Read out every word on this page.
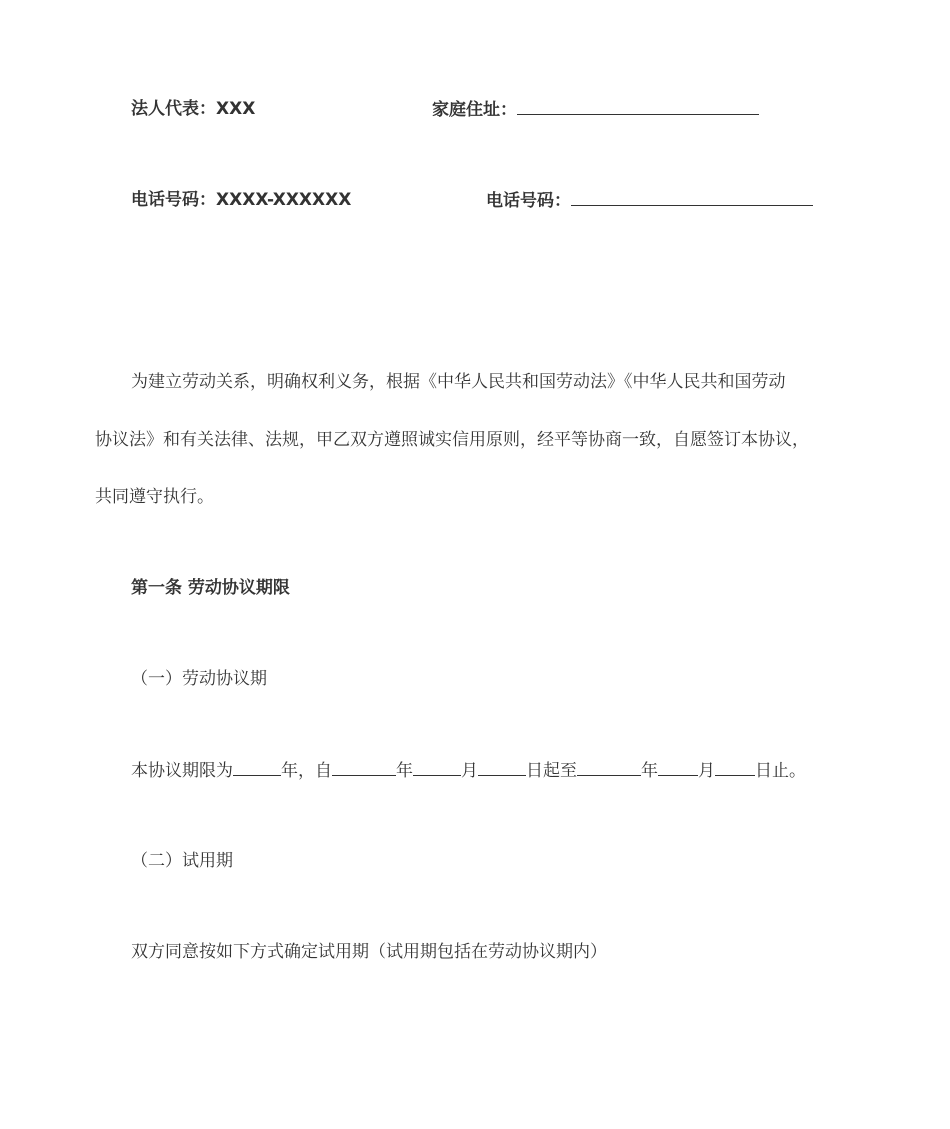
法人代表：XXX	家庭住址：
电话号码：XXXX-XXXXXX	电话号码：
为建立劳动关系，明确权利义务，根据《中华人民共和国劳动法》《中华人民共和国劳动
协议法》和有关法律、法规，甲乙双方遵照诚实信用原则，经平等协商一致，自愿签订本协议，
共同遵守执行。
第一条 劳动协议期限
（一）劳动协议期
本协议期限为	年，自	年	月	日起至	年 月 日止。
（二）试用期
双方同意按如下方式确定试用期（试用期包括在劳动协议期内）
